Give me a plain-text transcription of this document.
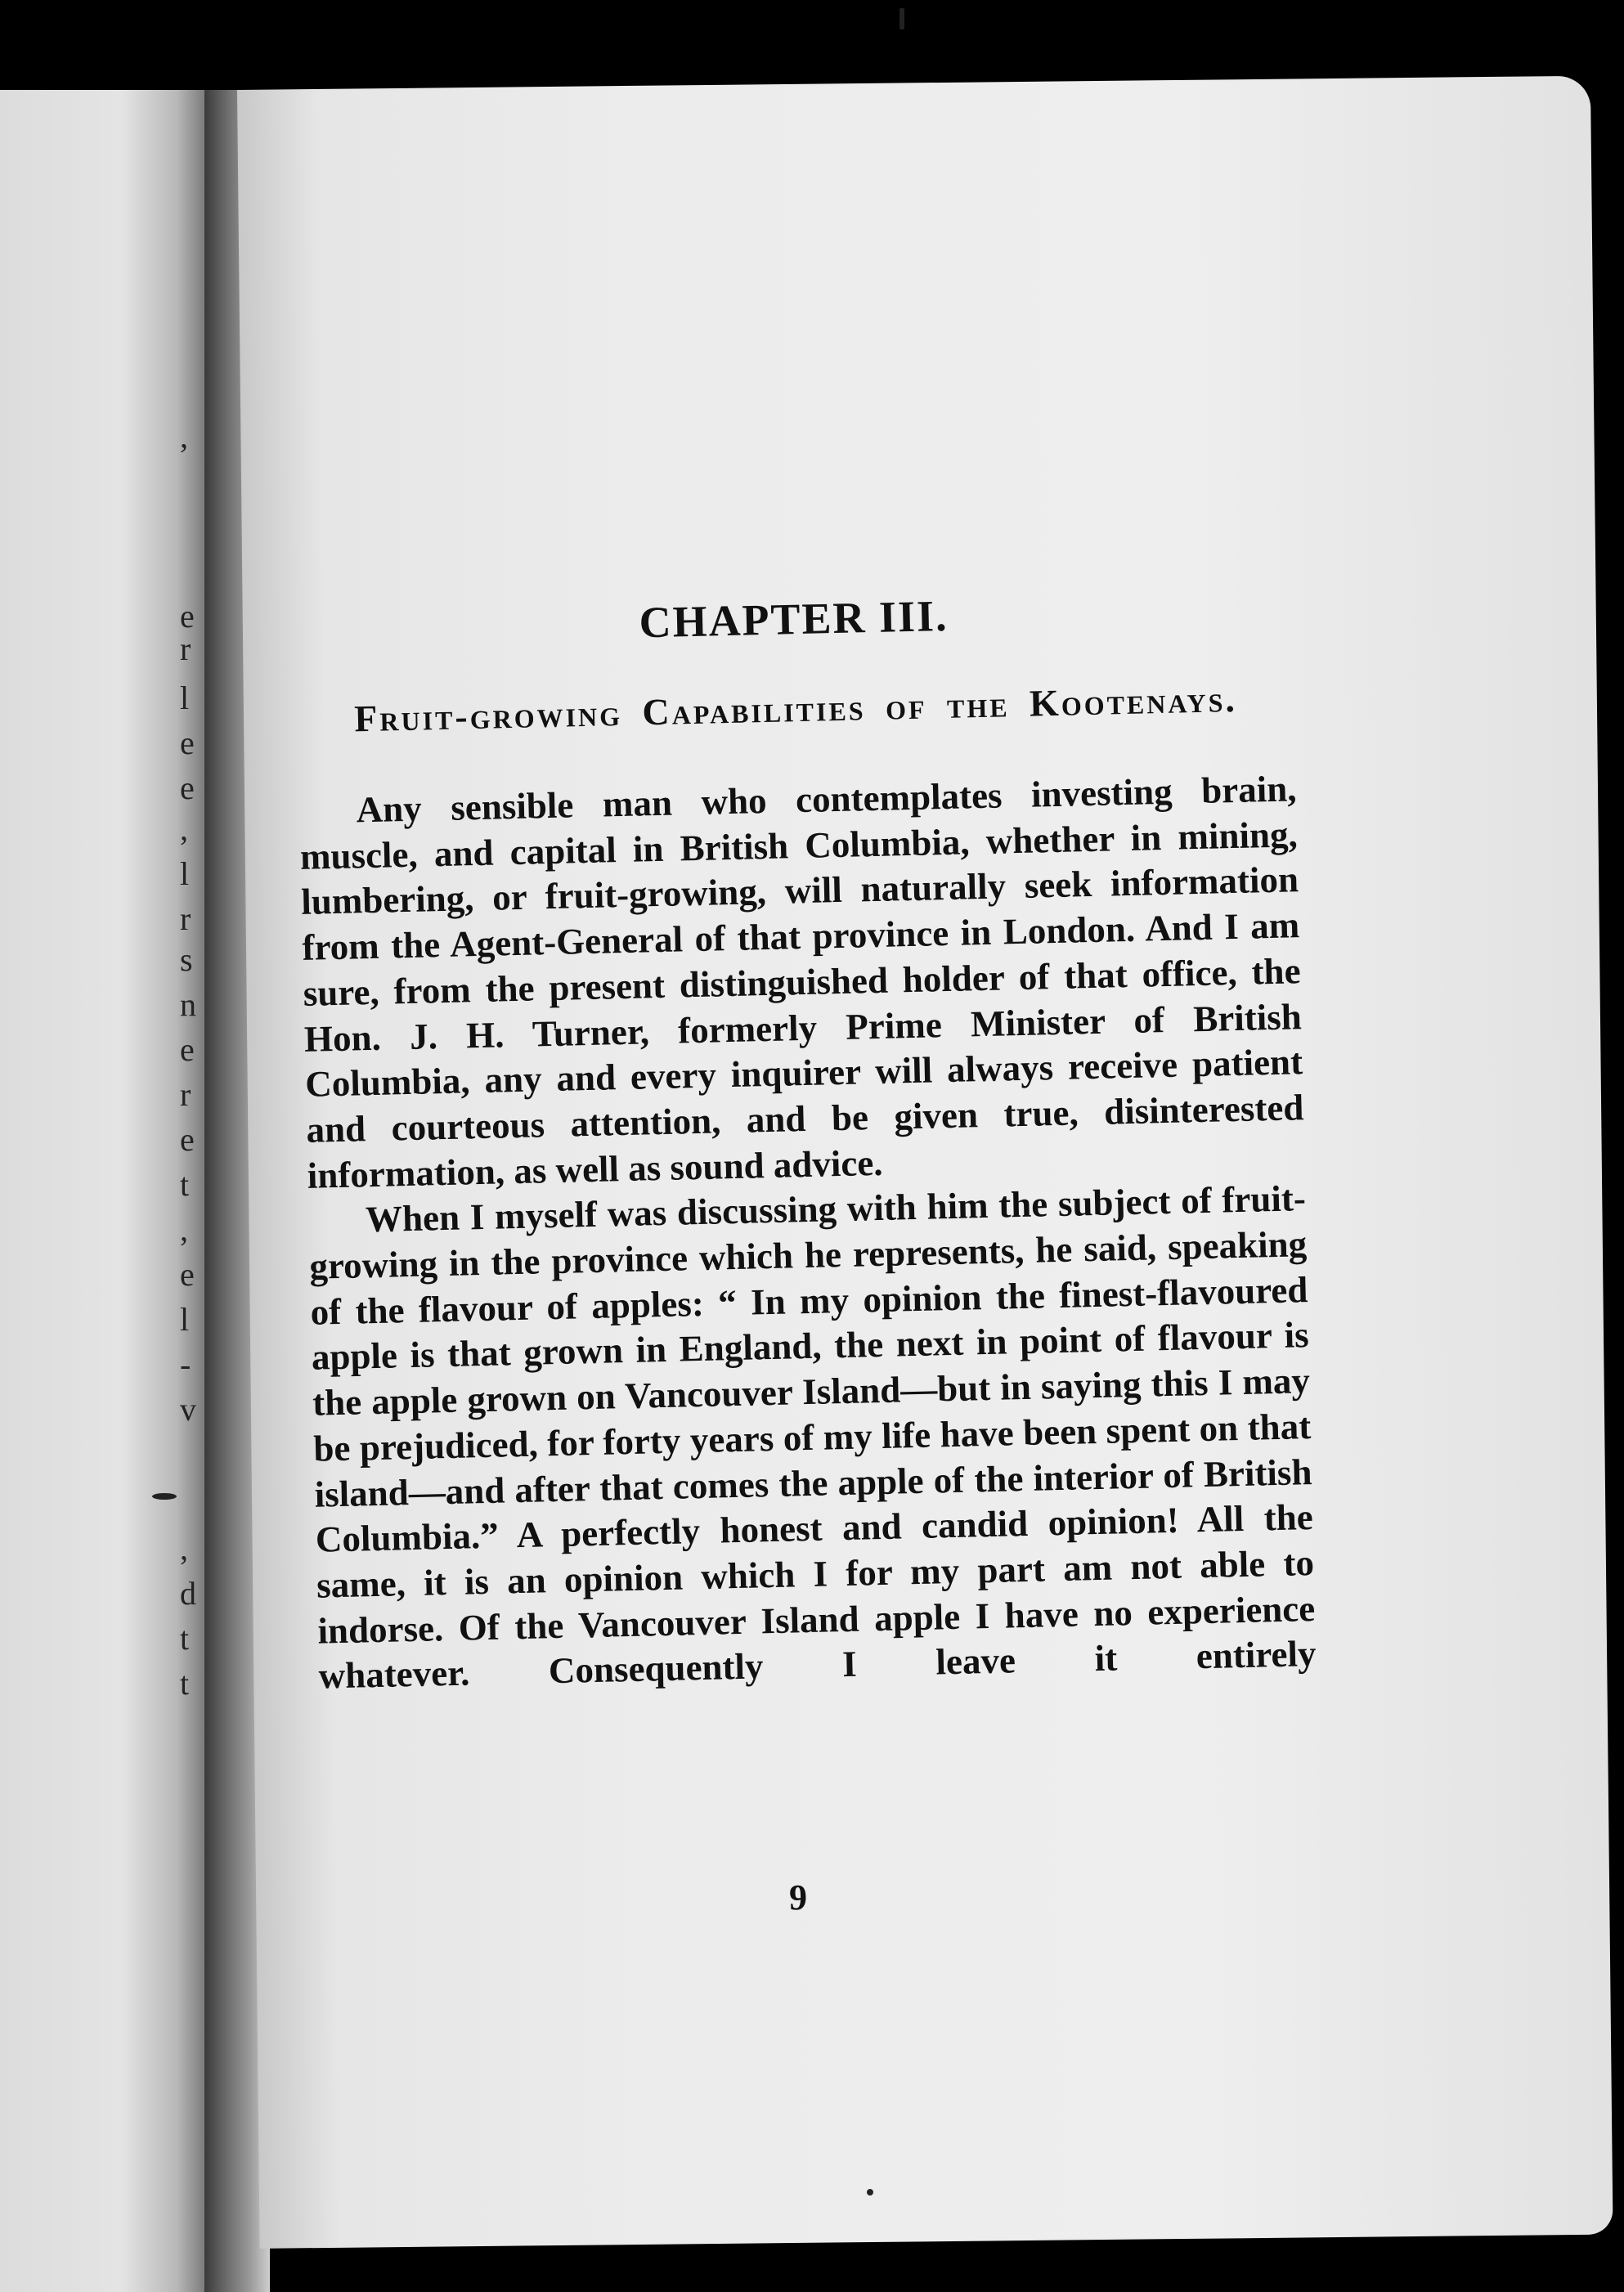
,
e
r
l
e
e
,
l
r
s
n
e
r
e
t
,
e
l
-
v
,
d
t
t
CHAPTER III.
Fruit-growing Capabilities of the Kootenays.

Any sensible man who contemplates investing brain, muscle, and capital in British Columbia, whether in mining, lumbering, or fruit-growing, will naturally seek information from the Agent-General of that province in London. And I am sure, from the present distinguished holder of that office, the Hon. J. H. Turner, formerly Prime Minister of British Columbia, any and every inquirer will always receive patient and courteous attention, and be given true, disinterested information, as well as sound advice.

When I myself was discussing with him the subject of fruit-growing in the province which he represents, he said, speaking of the flavour of apples: “ In my opinion the finest-flavoured apple is that grown in England, the next in point of flavour is the apple grown on Vancouver Island—but in saying this I may be prejudiced, for forty years of my life have been spent on that island—and after that comes the apple of the interior of British Columbia.” A perfectly honest and candid opinion! All the same, it is an opinion which I for my part am not able to indorse. Of the Vancouver Island apple I have no experience whatever. Consequently I leave it entirely

9
